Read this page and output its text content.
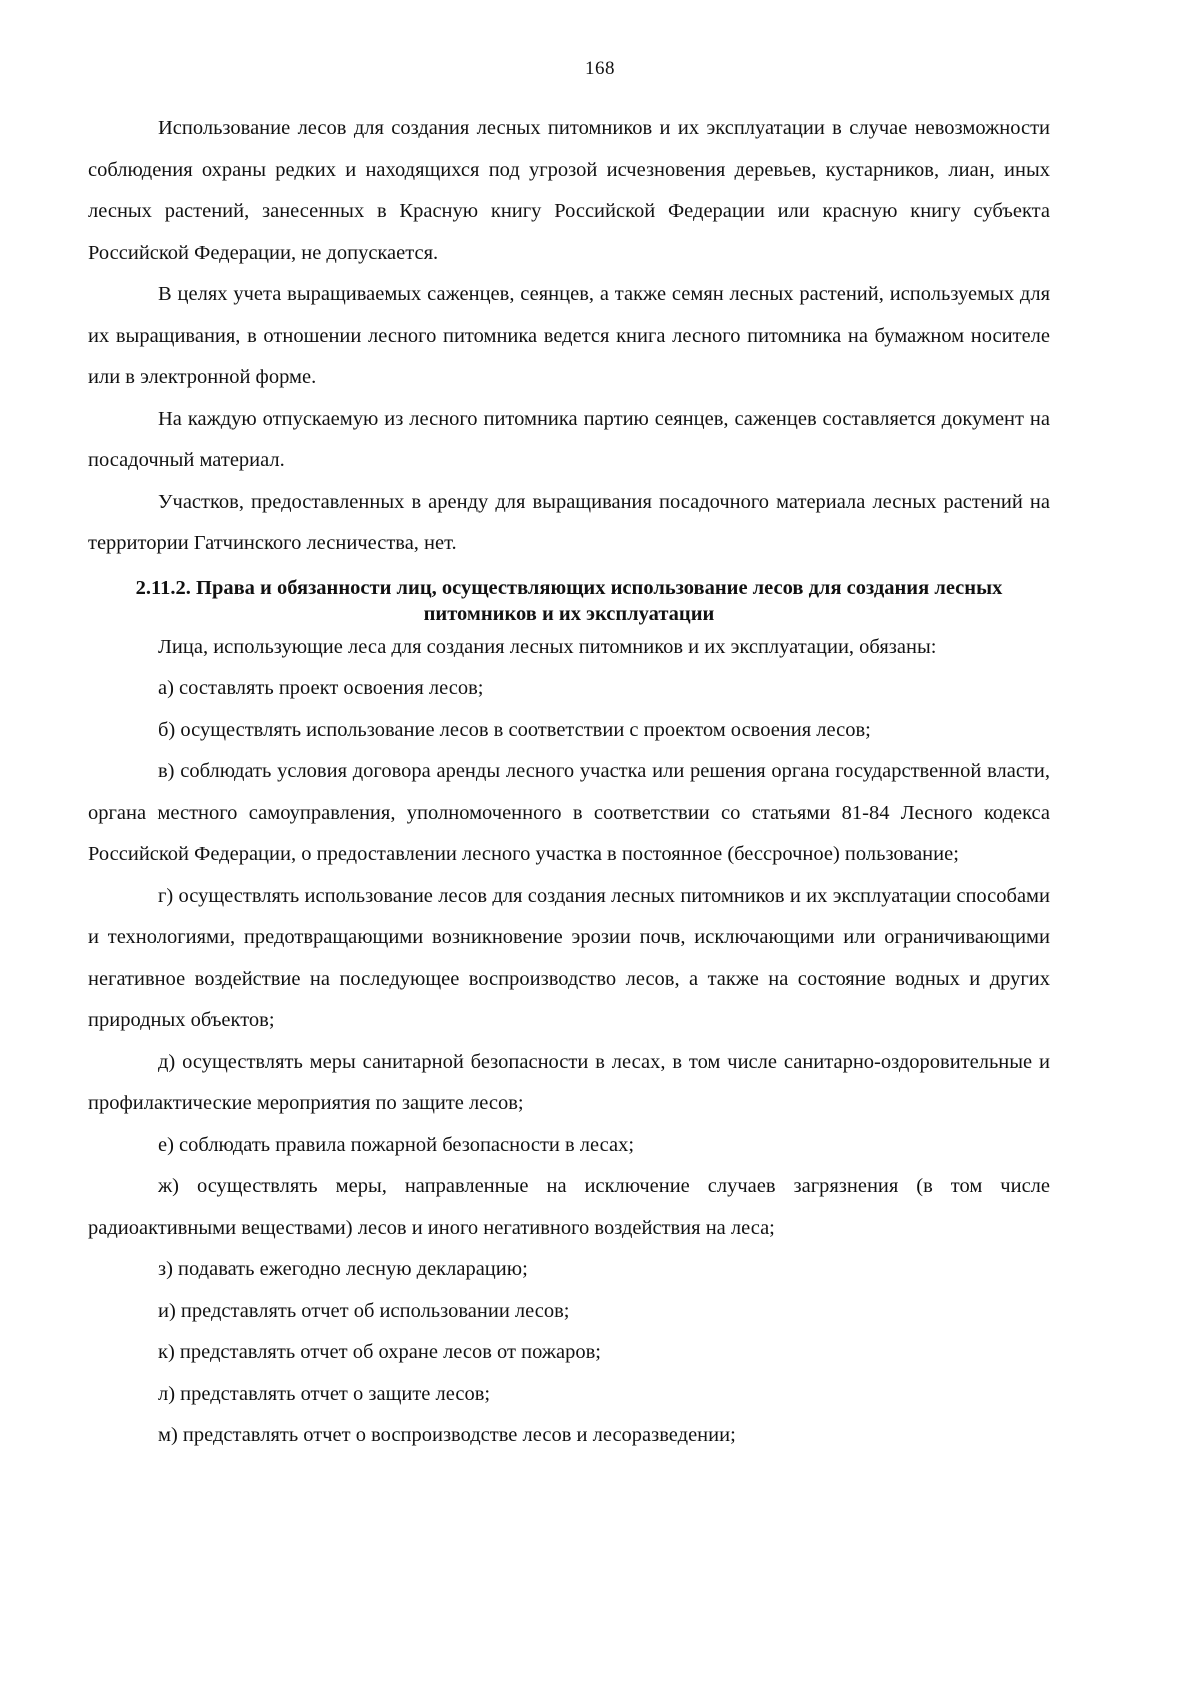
168

Использование лесов для создания лесных питомников и их эксплуатации в случае невозможности соблюдения охраны редких и находящихся под угрозой исчезновения деревьев, кустарников, лиан, иных лесных растений, занесенных в Красную книгу Российской Федерации или красную книгу субъекта Российской Федерации, не допускается.

В целях учета выращиваемых саженцев, сеянцев, а также семян лесных растений, используемых для их выращивания, в отношении лесного питомника ведется книга лесного питомника на бумажном носителе или в электронной форме.

На каждую отпускаемую из лесного питомника партию сеянцев, саженцев составляется документ на посадочный материал.

Участков, предоставленных в аренду для выращивания посадочного материала лесных растений на территории Гатчинского лесничества, нет.

2.11.2. Права и обязанности лиц, осуществляющих использование лесов для создания лесных питомников и их эксплуатации

Лица, использующие леса для создания лесных питомников и их эксплуатации, обязаны:

а) составлять проект освоения лесов;

б) осуществлять использование лесов в соответствии с проектом освоения лесов;

в) соблюдать условия договора аренды лесного участка или решения органа государственной власти, органа местного самоуправления, уполномоченного в соответствии со статьями 81-84 Лесного кодекса Российской Федерации, о предоставлении лесного участка в постоянное (бессрочное) пользование;

г) осуществлять использование лесов для создания лесных питомников и их эксплуатации способами и технологиями, предотвращающими возникновение эрозии почв, исключающими или ограничивающими негативное воздействие на последующее воспроизводство лесов, а также на состояние водных и других природных объектов;

д) осуществлять меры санитарной безопасности в лесах, в том числе санитарно-оздоровительные и профилактические мероприятия по защите лесов;

е) соблюдать правила пожарной безопасности в лесах;

ж) осуществлять меры, направленные на исключение случаев загрязнения (в том числе радиоактивными веществами) лесов и иного негативного воздействия на леса;

з) подавать ежегодно лесную декларацию;

и) представлять отчет об использовании лесов;

к) представлять отчет об охране лесов от пожаров;

л) представлять отчет о защите лесов;

м) представлять отчет о воспроизводстве лесов и лесоразведении;
